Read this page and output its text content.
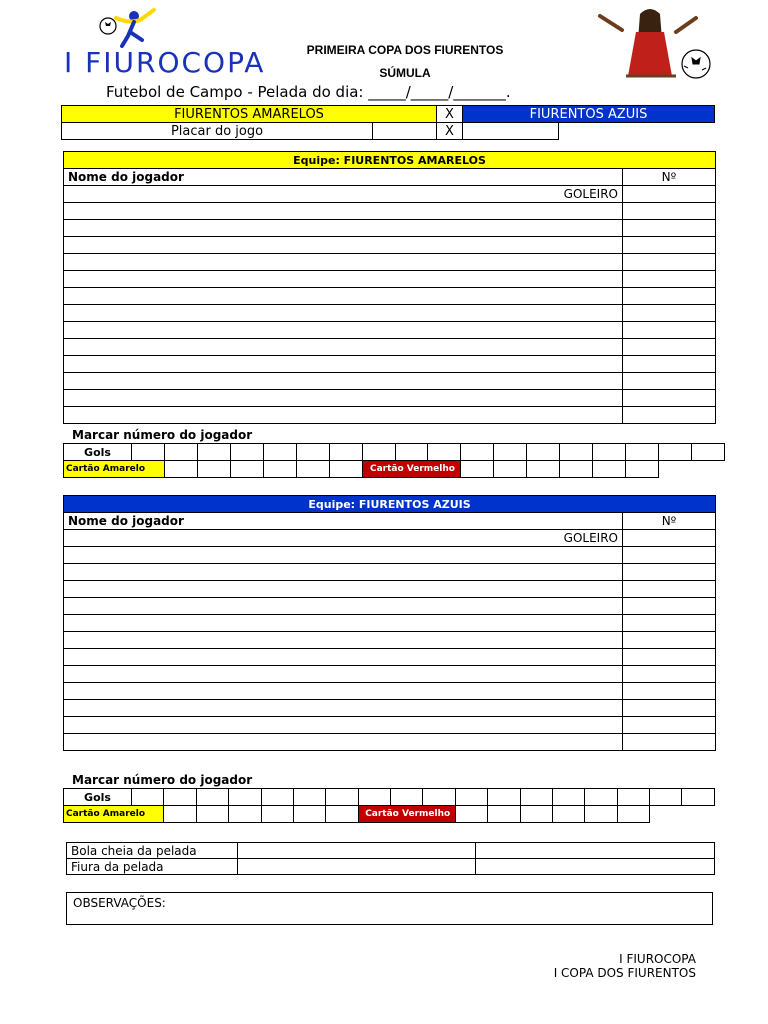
I FIUROCOPA	PRIMEIRA COPA DOS FIURENTOS
SÚMULA
Futebol de Campo - Pelada do dia: _____/_____/_______.
FIURENTOS AMARELOS		X	FIURENTOS AZUIS	
Placar do jogo		X		
Equipe: FIURENTOS AMARELOS	
Nome do jogador	Nº
GOLEIRO	

Marcar número do jogador
Gols																		
Cartão Amarelo								Cartão Vermelho										
Equipe: FIURENTOS AZUIS	
Nome do jogador	Nº
GOLEIRO	

Marcar número do jogador
Gols																		
Cartão Amarelo								Cartão Vermelho										
Bola cheia da pelada		
Fiura da pelada		
OBSERVAÇÕES:
I FIUROCOPA
I COPA DOS FIURENTOS
